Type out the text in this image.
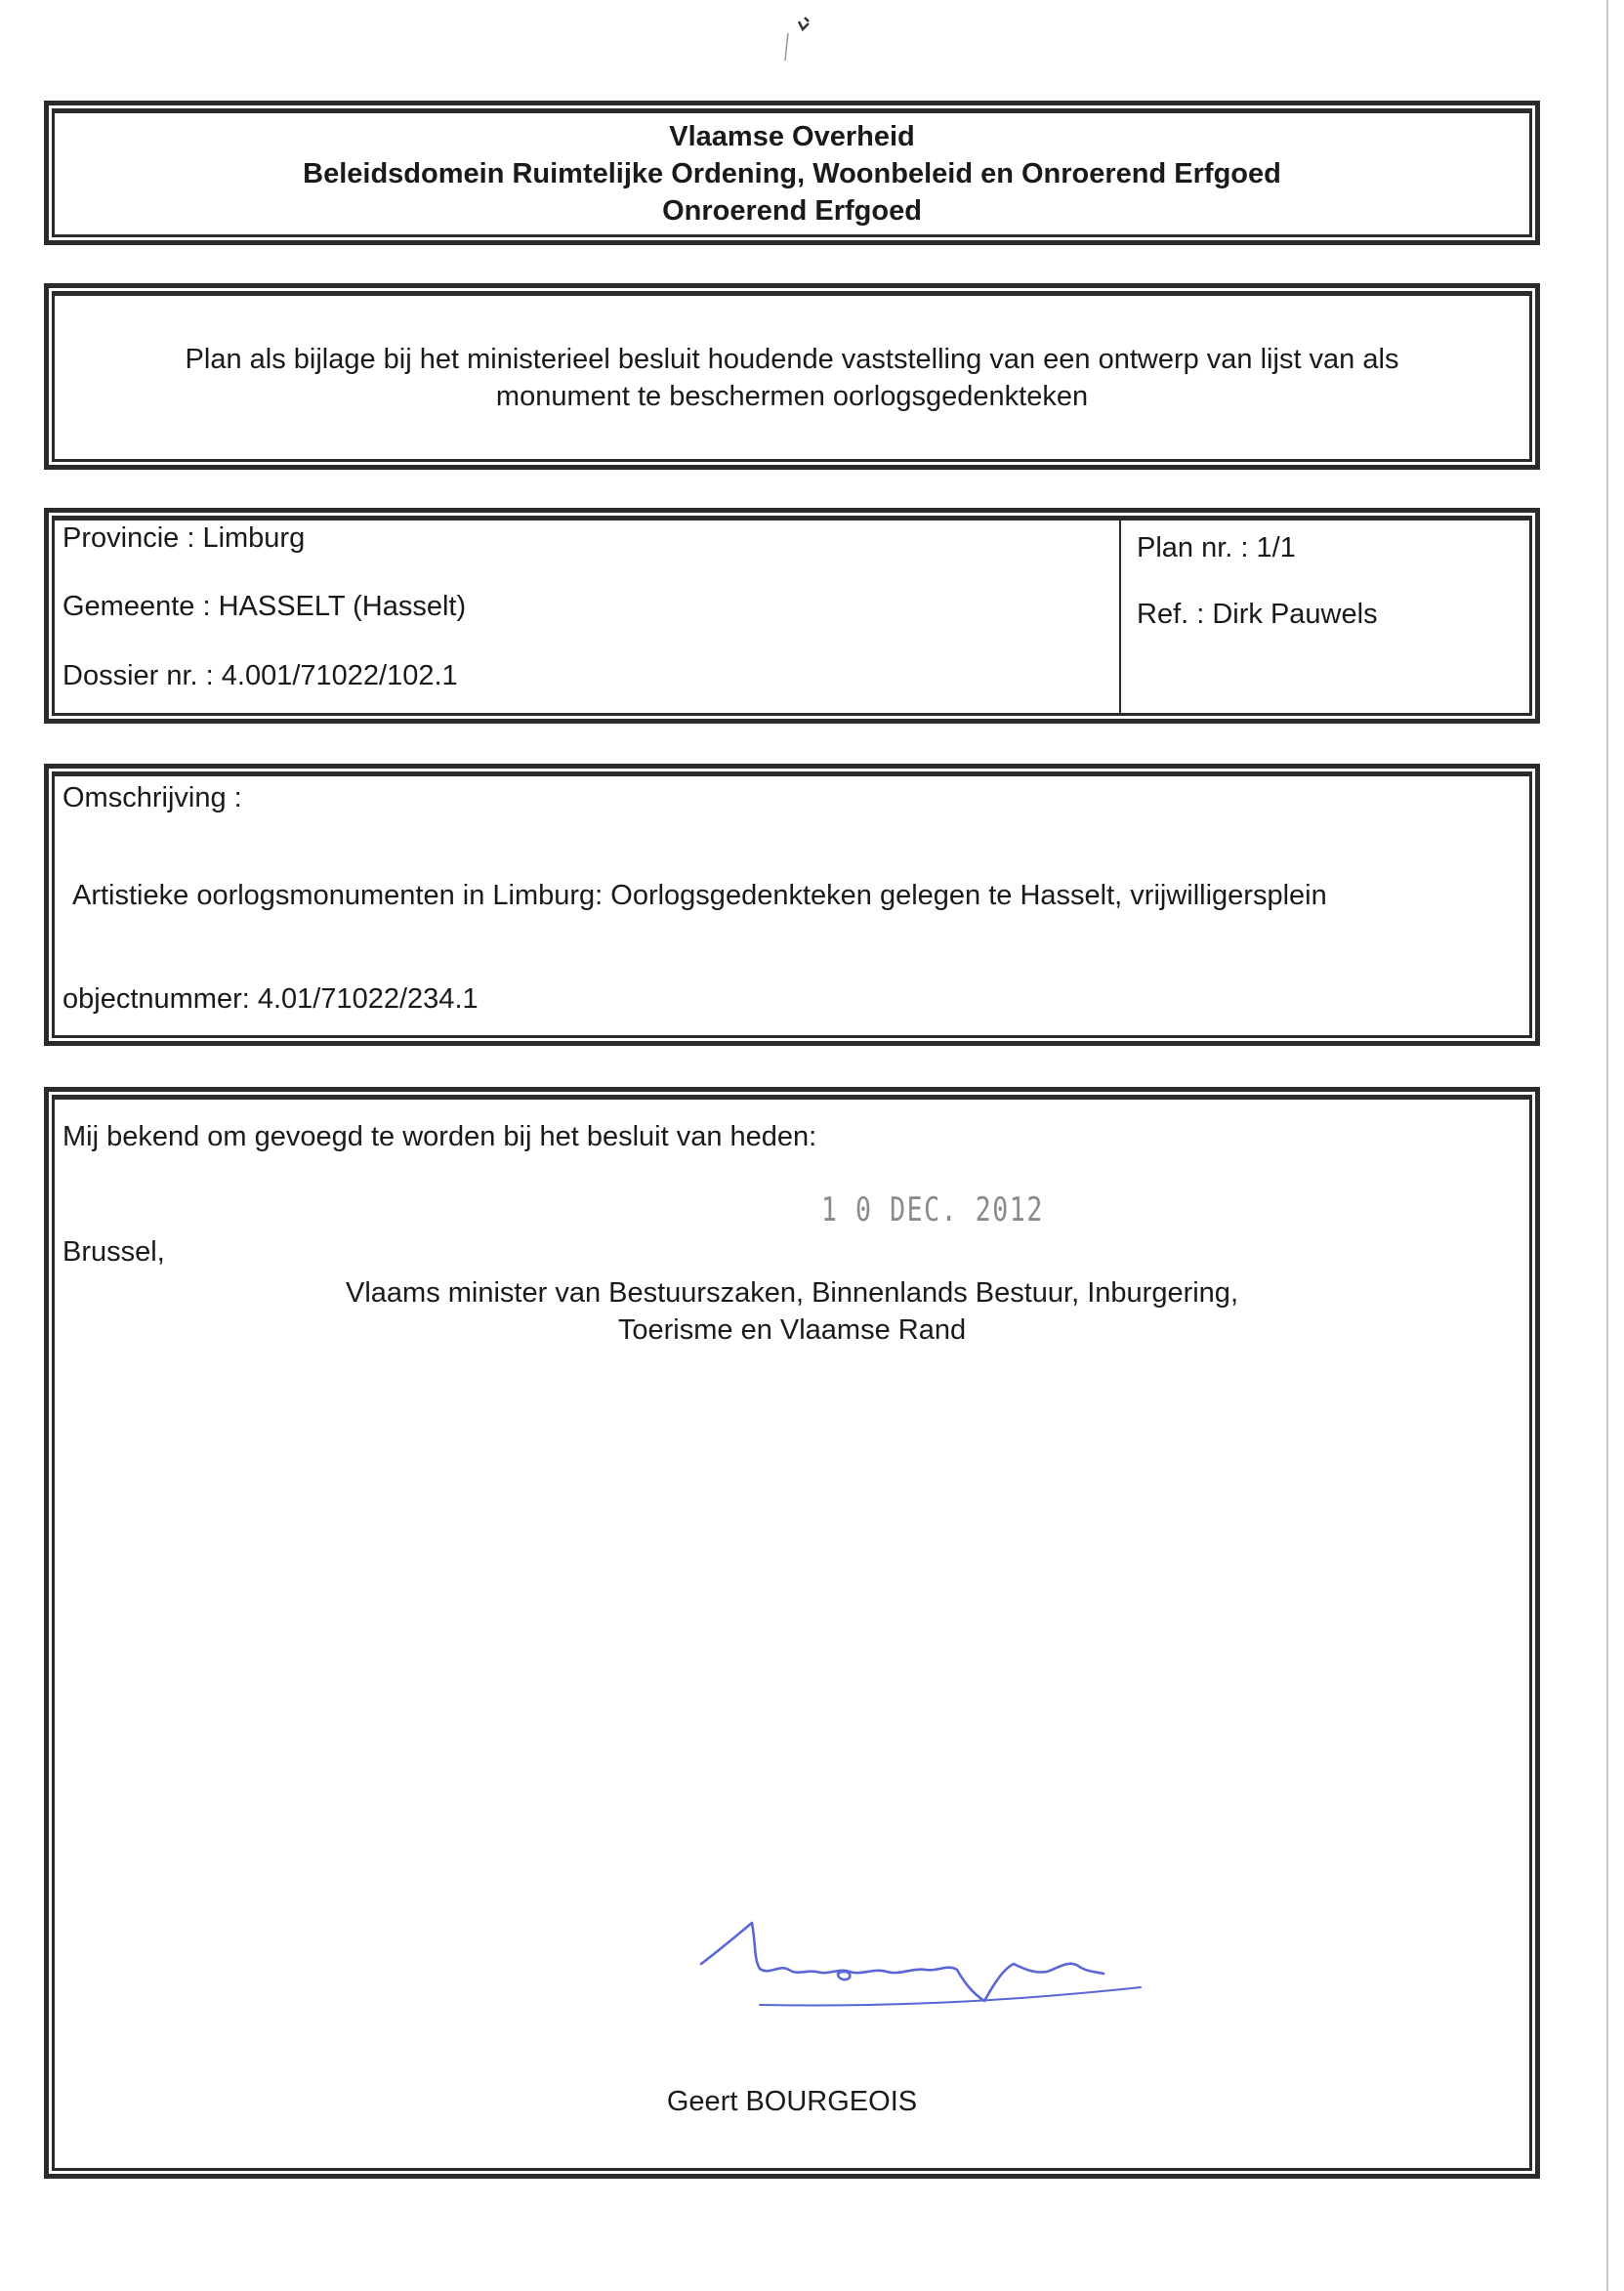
Vlaamse Overheid
Beleidsdomein Ruimtelijke Ordening, Woonbeleid en Onroerend Erfgoed
Onroerend Erfgoed
Plan als bijlage bij het ministerieel besluit houdende vaststelling van een ontwerp van lijst van als
monument te beschermen oorlogsgedenkteken
Provincie : Limburg
Gemeente : HASSELT (Hasselt)
Dossier nr. : 4.001/71022/102.1
Plan nr. : 1/1
Ref. : Dirk Pauwels
Omschrijving :
Artistieke oorlogsmonumenten in Limburg: Oorlogsgedenkteken gelegen te Hasselt, vrijwilligersplein
objectnummer: 4.01/71022/234.1
Mij bekend om gevoegd te worden bij het besluit van heden:
1 0 DEC. 2012
Brussel,
Vlaams minister van Bestuurszaken, Binnenlands Bestuur, Inburgering,
Toerisme en Vlaamse Rand
Geert BOURGEOIS
